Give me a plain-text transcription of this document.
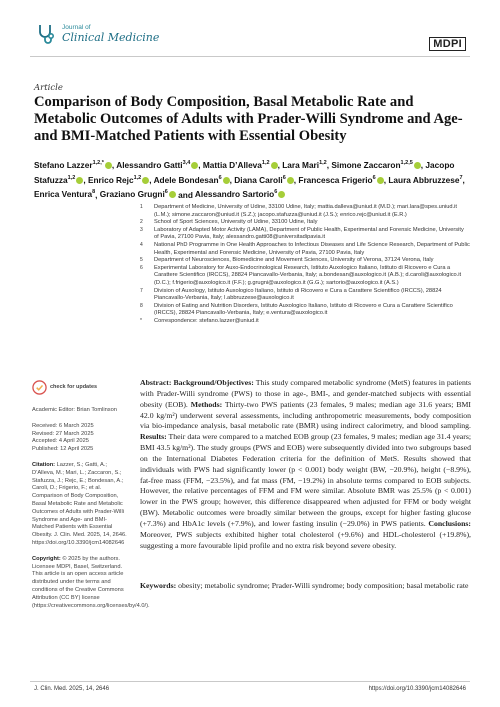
Journal of
Clinical Medicine
MDPI
Article
Comparison of Body Composition, Basal Metabolic Rate and Metabolic Outcomes of Adults with Prader-Willi Syndrome and Age- and BMI-Matched Patients with Essential Obesity
Stefano Lazzer$^{1,2,*}$ , Alessandro Gatti$^{3,4}$ , Mattia D’Alleva$^{1,2}$ , Lara Mari$^{1,2}$, Simone Zaccaron$^{1,2,5}$ , Jacopo Stafuzza$^{1,2}$ , Enrico Rejc$^{1,2}$ , Adele Bondesan$^6$ , Diana Caroli$^6$ , Francesca Frigerio$^6$ , Laura Abbruzzese$^7$, Enrica Ventura$^8$, Graziano Grugni$^6$ and Alessandro Sartorio$^6$
1 Department of Medicine, University of Udine, 33100 Udine, Italy; mattia.dalleva@uniud.it (M.D.); mari.lara@spes.uniud.it (L.M.); simone.zaccaron@uniud.it (S.Z.); jacopo.stafuzza@uniud.it (J.S.); enrico.rejc@uniud.it (E.R.)
2 School of Sport Sciences, University of Udine, 33100 Udine, Italy
3 Laboratory of Adapted Motor Activity (LAMA), Department of Public Health, Experimental and Forensic Medicine, University of Pavia, 27100 Pavia, Italy; alessandro.gatti08@universitadipavia.it
4 National PhD Programme in One Health Approaches to Infectious Diseases and Life Science Research, Department of Public Health, Experimental and Forensic Medicine, University of Pavia, 27100 Pavia, Italy
5 Department of Neurosciences, Biomedicine and Movement Sciences, University of Verona, 37124 Verona, Italy
6 Experimental Laboratory for Auxo-Endocrinological Research, Istituto Auxologico Italiano, Istituto di Ricovero e Cura a Carattere Scientifico (IRCCS), 28824 Piancavallo-Verbania, Italy; a.bondesan@auxologico.it (A.B.); d.caroli@auxologico.it (D.C.); f.frigerio@auxologico.it (F.F.); g.grugni@auxologico.it (G.G.); sartorio@auxologico.it (A.S.)
7 Division of Auxology, Istituto Auxologico Italiano, Istituto di Ricovero e Cura a Carattere Scientifico (IRCCS), 28824 Piancavallo-Verbania, Italy; l.abbruzzese@auxologico.it
8 Division of Eating and Nutrition Disorders, Istituto Auxologico Italiano, Istituto di Ricovero e Cura a Carattere Scientifico (IRCCS), 28824 Piancavallo-Verbania, Italy; e.ventura@auxologico.it
* Correspondence: stefano.lazzer@uniud.it
check for updates
Academic Editor: Brian Tomlinson
Received: 6 March 2025
Revised: 27 March 2025
Accepted: 4 April 2025
Published: 12 April 2025
Citation: Lazzer, S.; Gatti, A.; D’Alleva, M.; Mari, L.; Zaccaron, S.; Stafuzza, J.; Rejc, E.; Bondesan, A.; Caroli, D.; Frigerio, F.; et al. Comparison of Body Composition, Basal Metabolic Rate and Metabolic Outcomes of Adults with Prader-Willi Syndrome and Age- and BMI-Matched Patients with Essential Obesity. J. Clin. Med. 2025, 14, 2646. https://doi.org/10.3390/jcm14082646
Copyright: © 2025 by the authors. Licensee MDPI, Basel, Switzerland. This article is an open access article distributed under the terms and conditions of the Creative Commons Attribution (CC BY) license (https://creativecommons.org/licenses/by/4.0/).

Abstract: Background/Objectives: This study compared metabolic syndrome (MetS) features in patients with Prader-Willi syndrome (PWS) to those in age-, BMI-, and gender-matched subjects with essential obesity (EOB). Methods: Thirty-two PWS patients (23 females, 9 males; median age 31.6 years; BMI 42.0 kg/m²) underwent several assessments, including anthropometric measurements, body composition via bio-impedance analysis, basal metabolic rate (BMR) using indirect calorimetry, and blood sampling. Results: Their data were compared to a matched EOB group (23 females, 9 males; median age 31.4 years; BMI 43.5 kg/m²). The study groups (PWS and EOB) were subsequently divided into two subgroups based on the International Diabetes Federation criteria for the definition of MetS. Results showed that individuals with PWS had significantly lower (p < 0.001) body weight (BW, −20.9%), height (−8.9%), fat-free mass (FFM, −23.5%), and fat mass (FM, −19.2%) in absolute terms compared to EOB subjects. However, the relative percentages of FFM and FM were similar. Absolute BMR was 25.5% (p < 0.001) lower in the PWS group; however, this difference disappeared when adjusted for FFM or body weight (BW). Metabolic outcomes were broadly similar between the groups, except for higher fasting glucose (+7.3%) and HbA1c levels (+7.9%), and lower fasting insulin (−29.0%) in PWS patients. Conclusions: Moreover, PWS subjects exhibited higher total cholesterol (+9.6%) and HDL-cholesterol (+19.8%), suggesting a more favourable lipid profile and no extra risk beyond severe obesity.

Keywords: obesity; metabolic syndrome; Prader-Willi syndrome; body composition; basal metabolic rate

J. Clin. Med. 2025, 14, 2646	https://doi.org/10.3390/jcm14082646
